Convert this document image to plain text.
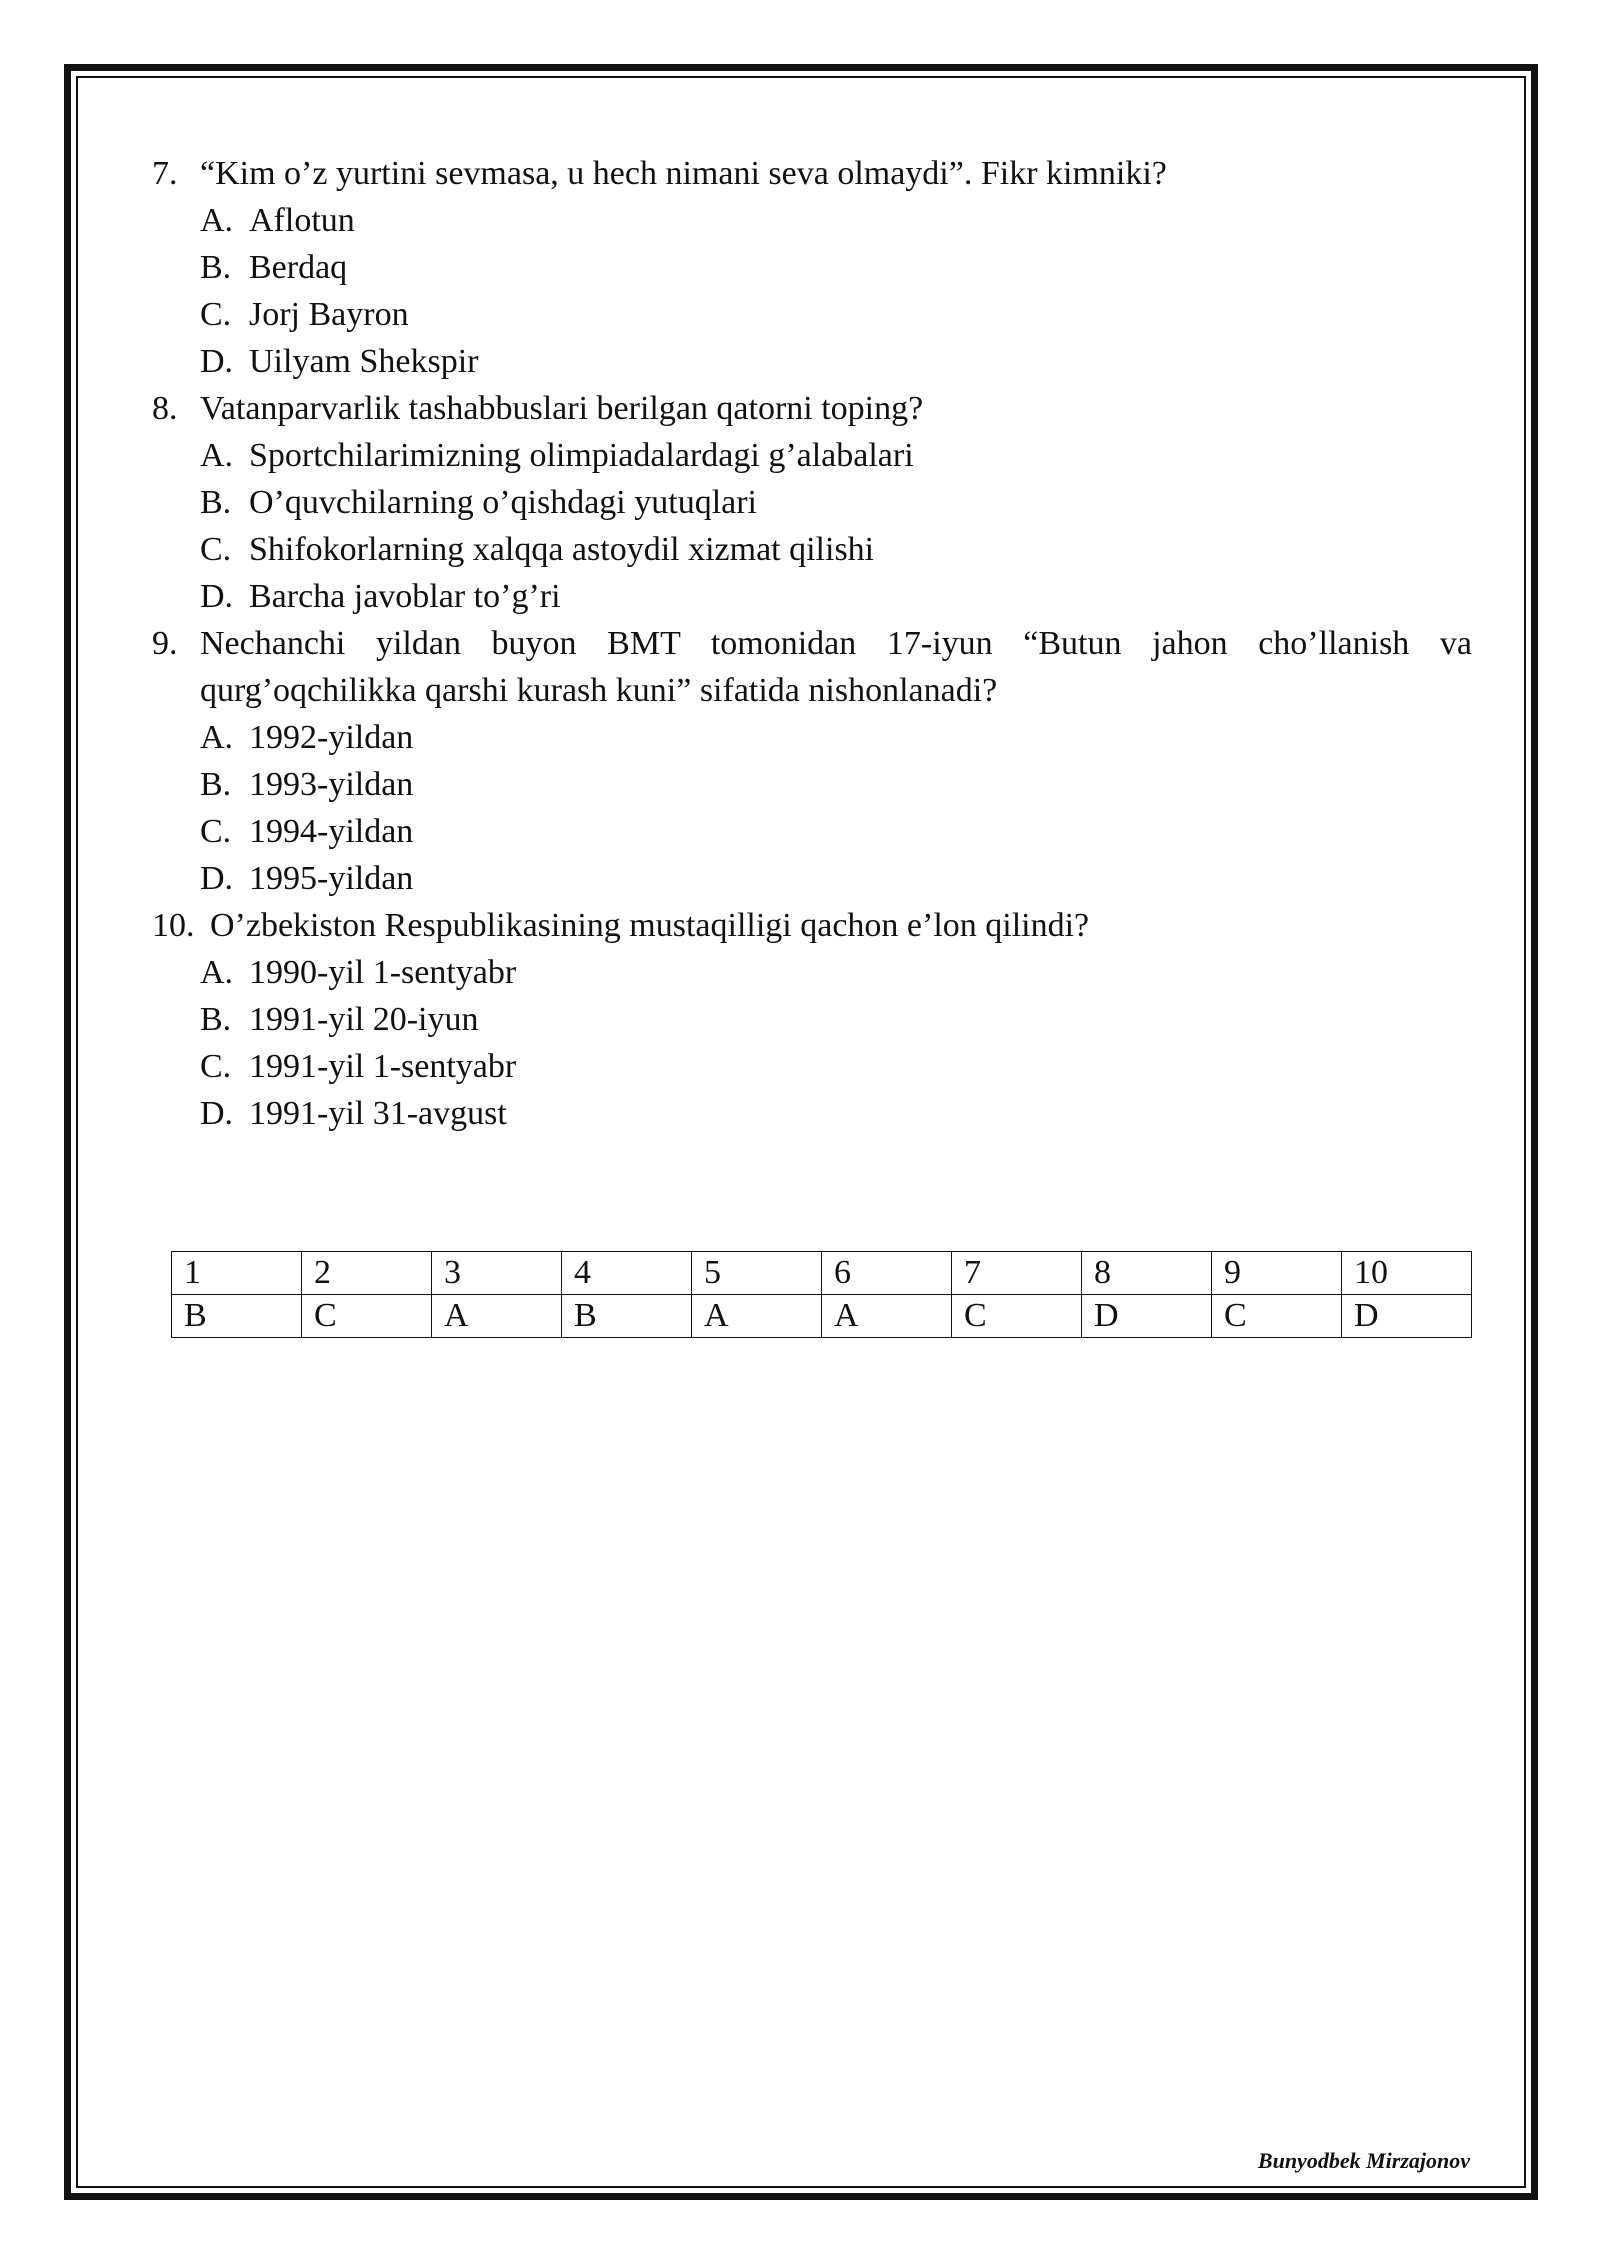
7. “Kim o’z yurtini sevmasa, u hech nimani seva olmaydi”. Fikr kimniki?
A. Aflotun
B. Berdaq
C. Jorj Bayron
D. Uilyam Shekspir
8. Vatanparvarlik tashabbuslari berilgan qatorni toping?
A. Sportchilarimizning olimpiadalardagi g’alabalari
B. O’quvchilarning o’qishdagi yutuqlari
C. Shifokorlarning xalqqa astoydil xizmat qilishi
D. Barcha javoblar to’g’ri
9. Nechanchi yildan buyon BMT tomonidan 17-iyun “Butun jahon cho’llanish va qurg’oqchilikka qarshi kurash kuni” sifatida nishonlanadi?
A. 1992-yildan
B. 1993-yildan
C. 1994-yildan
D. 1995-yildan
10. O’zbekiston Respublikasining mustaqilligi qachon e’lon qilindi?
A. 1990-yil 1-sentyabr
B. 1991-yil 20-iyun
C. 1991-yil 1-sentyabr
D. 1991-yil 31-avgust
1	2	3	4	5	6	7	8	9	10
B	C	A	B	A	A	C	D	C	D
Bunyodbek Mirzajonov
